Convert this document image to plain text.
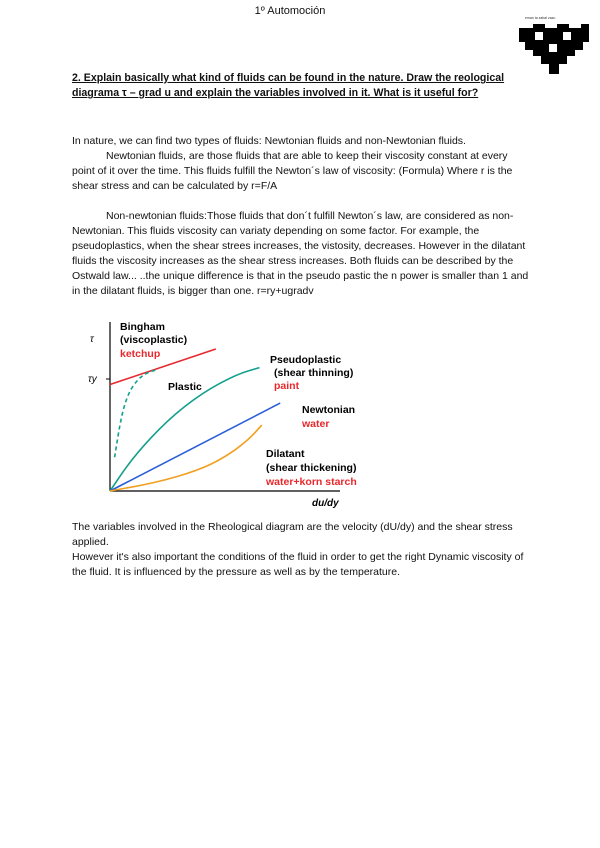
1º Automoción
eman ta zabal zazu
2. Explain basically what kind of fluids can be found in the nature. Draw the reological diagrama τ – grad u and explain the variables involved in it. What is it useful for?
In nature, we can find two types of fluids: Newtonian fluids and non-Newtonian fluids.
Newtonian fluids, are those fluids that are able to keep their viscosity constant at every point of it over the time. This fluids fulfill the Newton´s law of viscosity: (Formula) Where r is the shear stress and can be calculated by r=F/A
Non-newtonian fluids:Those fluids that don´t fulfill Newton´s law, are considered as non-Newtonian. This fluids viscosity can variaty depending on some factor. For example, the pseudoplastics, when the shear strees increases, the vistosity, decreases. However in the dilatant fluids the viscosity increases as the shear stress increases. Both fluids can be described by the Ostwald law... ..the unique difference is that in the pseudo pastic the n power is smaller than 1 and in the dilatant fluids, is bigger than one. r=ry+ugradv
τ
τy
du/dy
Bingham
(viscoplastic)
ketchup
Plastic
Pseudoplastic
(shear thinning)
paint
Newtonian
water
Dilatant
(shear thickening)
water+korn starch
The variables involved in the Rheological diagram are the velocity (dU/dy) and the shear stress applied.
However it's also important the conditions of the fluid in order to get the right Dynamic viscosity of the fluid. It is influenced by the pressure as well as by the temperature.
